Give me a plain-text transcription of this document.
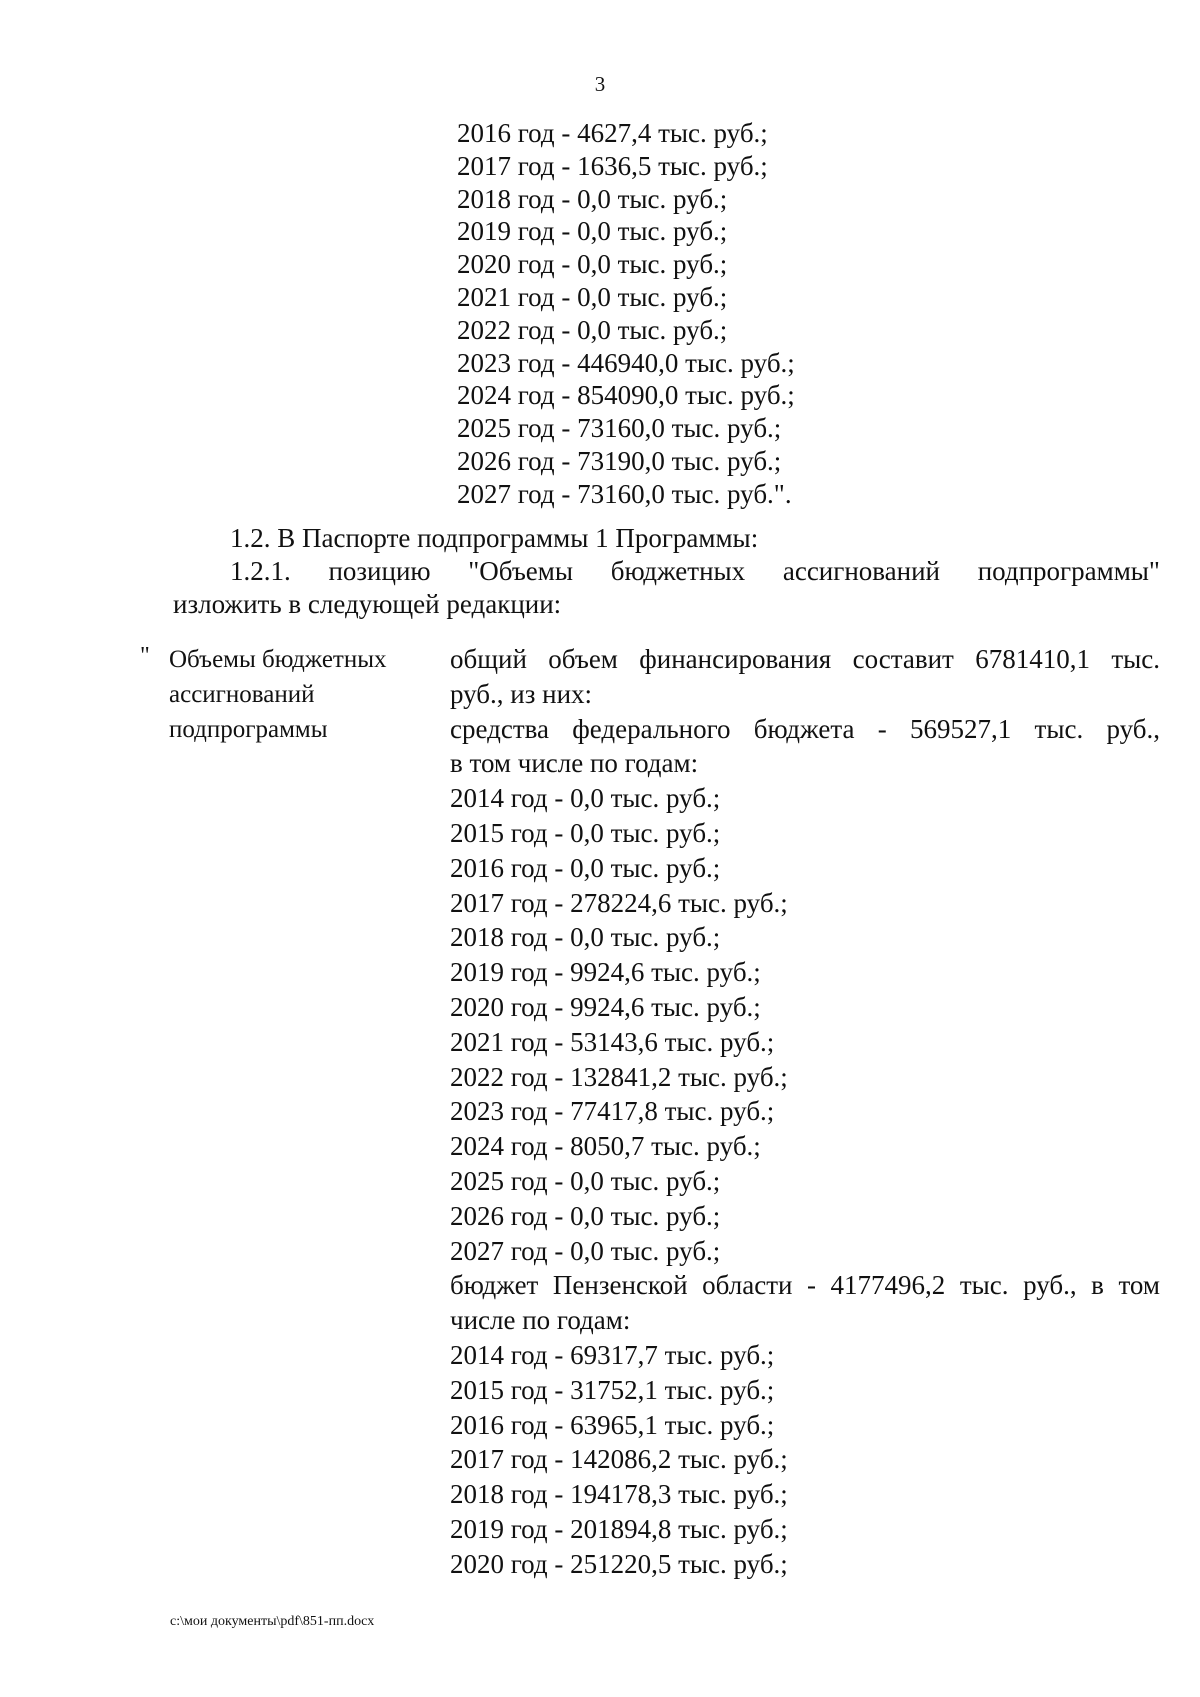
3
2016 год - 4627,4 тыс. руб.;
2017 год - 1636,5 тыс. руб.;
2018 год - 0,0 тыс. руб.;
2019 год - 0,0 тыс. руб.;
2020 год - 0,0 тыс. руб.;
2021 год - 0,0 тыс. руб.;
2022 год - 0,0 тыс. руб.;
2023 год - 446940,0 тыс. руб.;
2024 год - 854090,0 тыс. руб.;
2025 год - 73160,0 тыс. руб.;
2026 год - 73190,0 тыс. руб.;
2027 год - 73160,0 тыс. руб.".
1.2. В Паспорте подпрограммы 1 Программы:
1.2.1. позицию "Объемы бюджетных ассигнований подпрограммы"
изложить в следующей редакции:
" Объемы бюджетных
ассигнований
подпрограммы
общий объем финансирования составит 6781410,1 тыс.
руб., из них:
средства федерального бюджета - 569527,1 тыс. руб.,
в том числе по годам:
2014 год - 0,0 тыс. руб.;
2015 год - 0,0 тыс. руб.;
2016 год - 0,0 тыс. руб.;
2017 год - 278224,6 тыс. руб.;
2018 год - 0,0 тыс. руб.;
2019 год - 9924,6 тыс. руб.;
2020 год - 9924,6 тыс. руб.;
2021 год - 53143,6 тыс. руб.;
2022 год - 132841,2 тыс. руб.;
2023 год - 77417,8 тыс. руб.;
2024 год - 8050,7 тыс. руб.;
2025 год - 0,0 тыс. руб.;
2026 год - 0,0 тыс. руб.;
2027 год - 0,0 тыс. руб.;
бюджет Пензенской области - 4177496,2 тыс. руб., в том
числе по годам:
2014 год - 69317,7 тыс. руб.;
2015 год - 31752,1 тыс. руб.;
2016 год - 63965,1 тыс. руб.;
2017 год - 142086,2 тыс. руб.;
2018 год - 194178,3 тыс. руб.;
2019 год - 201894,8 тыс. руб.;
2020 год - 251220,5 тыс. руб.;
c:\мои документы\pdf\851-пп.docx
